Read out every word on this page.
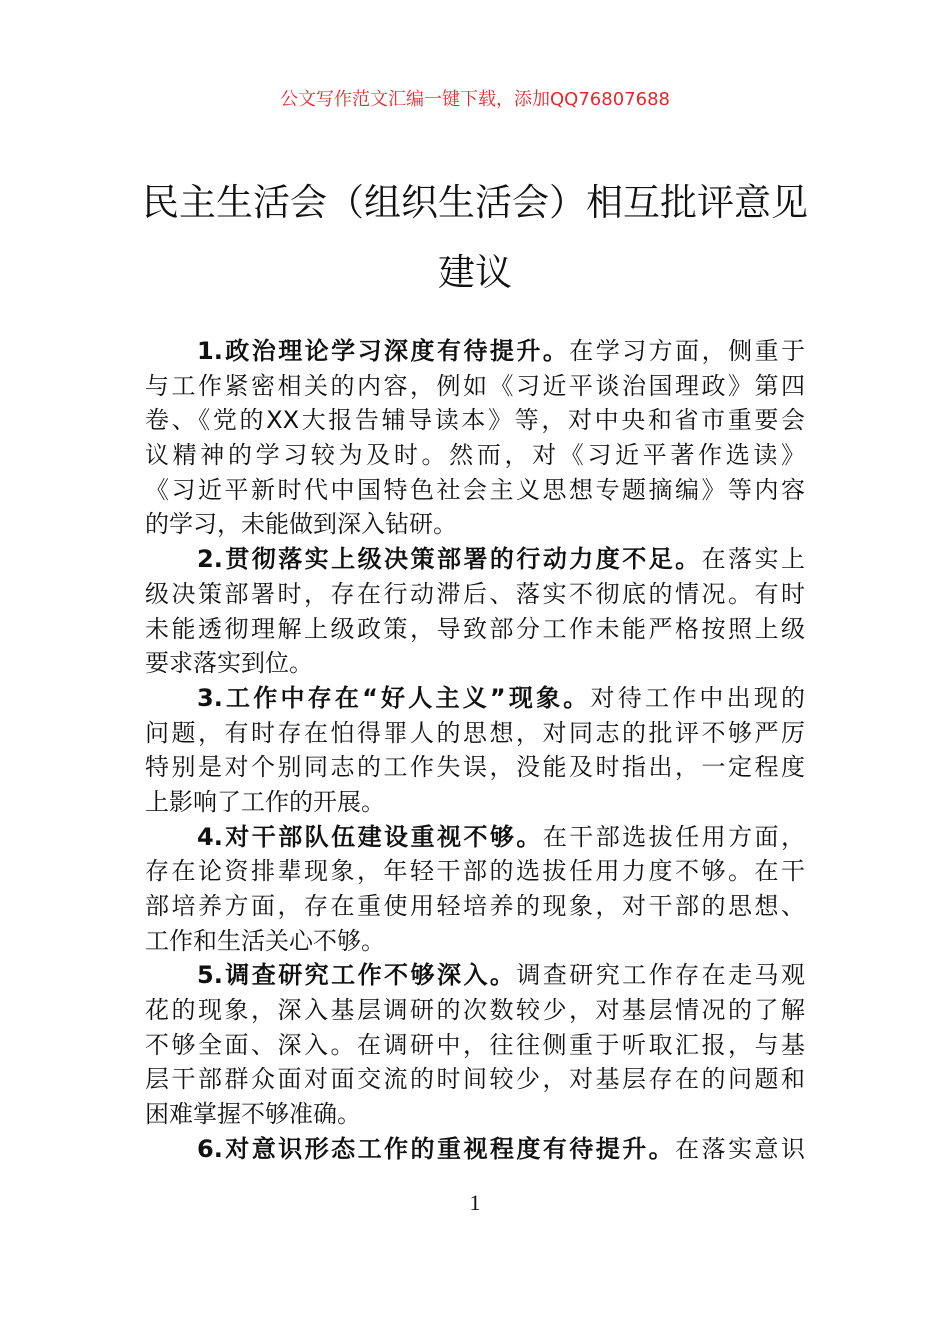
公文写作范文汇编一键下载，添加QQ76807688
民主生活会（组织生活会）相互批评意见
建议
1.政治理论学习深度有待提升。在学习方面，侧重于
与工作紧密相关的内容，例如《习近平谈治国理政》第四
卷、《党的XX大报告辅导读本》等，对中央和省市重要会
议精神的学习较为及时。然而，对《习近平著作选读》
《习近平新时代中国特色社会主义思想专题摘编》等内容
的学习，未能做到深入钻研。
2.贯彻落实上级决策部署的行动力度不足。在落实上
级决策部署时，存在行动滞后、落实不彻底的情况。有时
未能透彻理解上级政策，导致部分工作未能严格按照上级
要求落实到位。
3.工作中存在“好人主义”现象。对待工作中出现的
问题，有时存在怕得罪人的思想，对同志的批评不够严厉
特别是对个别同志的工作失误，没能及时指出，一定程度
上影响了工作的开展。
4.对干部队伍建设重视不够。在干部选拔任用方面，
存在论资排辈现象，年轻干部的选拔任用力度不够。在干
部培养方面，存在重使用轻培养的现象，对干部的思想、
工作和生活关心不够。
5.调查研究工作不够深入。调查研究工作存在走马观
花的现象，深入基层调研的次数较少，对基层情况的了解
不够全面、深入。在调研中，往往侧重于听取汇报，与基
层干部群众面对面交流的时间较少，对基层存在的问题和
困难掌握不够准确。
6.对意识形态工作的重视程度有待提升。在落实意识
1
